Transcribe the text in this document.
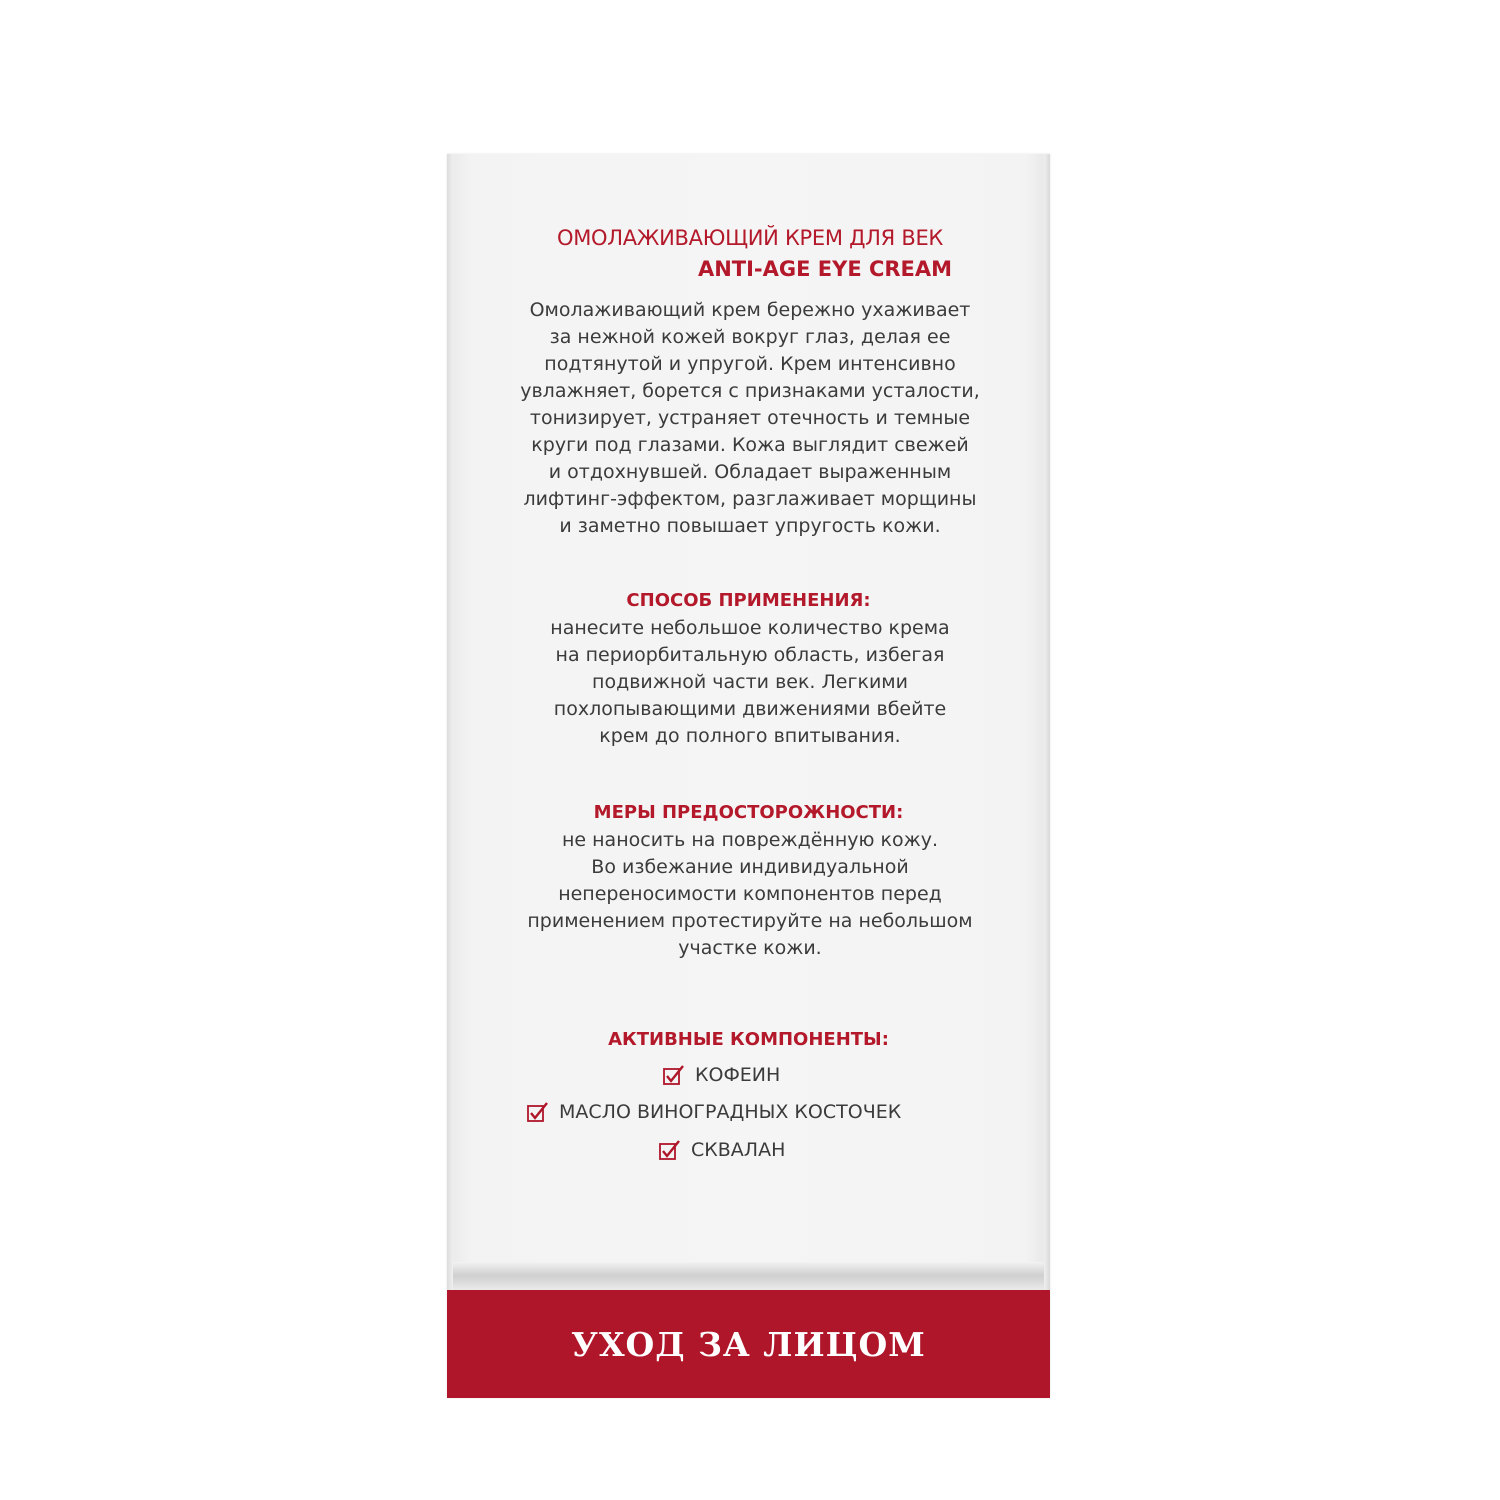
ОМОЛАЖИВАЮЩИЙ КРЕМ ДЛЯ ВЕК
ANTI-AGE EYE CREAM
Омолаживающий крем бережно ухаживает
за нежной кожей вокруг глаз, делая ее
подтянутой и упругой. Крем интенсивно
увлажняет, борется с признаками усталости,
тонизирует, устраняет отечность и темные
круги под глазами. Кожа выглядит свежей
и отдохнувшей. Обладает выраженным
лифтинг-эффектом, разглаживает морщины
и заметно повышает упругость кожи.
СПОСОБ ПРИМЕНЕНИЯ:
нанесите небольшое количество крема
на периорбитальную область, избегая
подвижной части век. Легкими
похлопывающими движениями вбейте
крем до полного впитывания.
МЕРЫ ПРЕДОСТОРОЖНОСТИ:
не наносить на повреждённую кожу.
Во избежание индивидуальной
непереносимости компонентов перед
применением протестируйте на небольшом
участке кожи.
АКТИВНЫЕ КОМПОНЕНТЫ:
КОФЕИН
МАСЛО ВИНОГРАДНЫХ КОСТОЧЕК
СКВАЛАН
УХОД ЗА ЛИЦОМ
